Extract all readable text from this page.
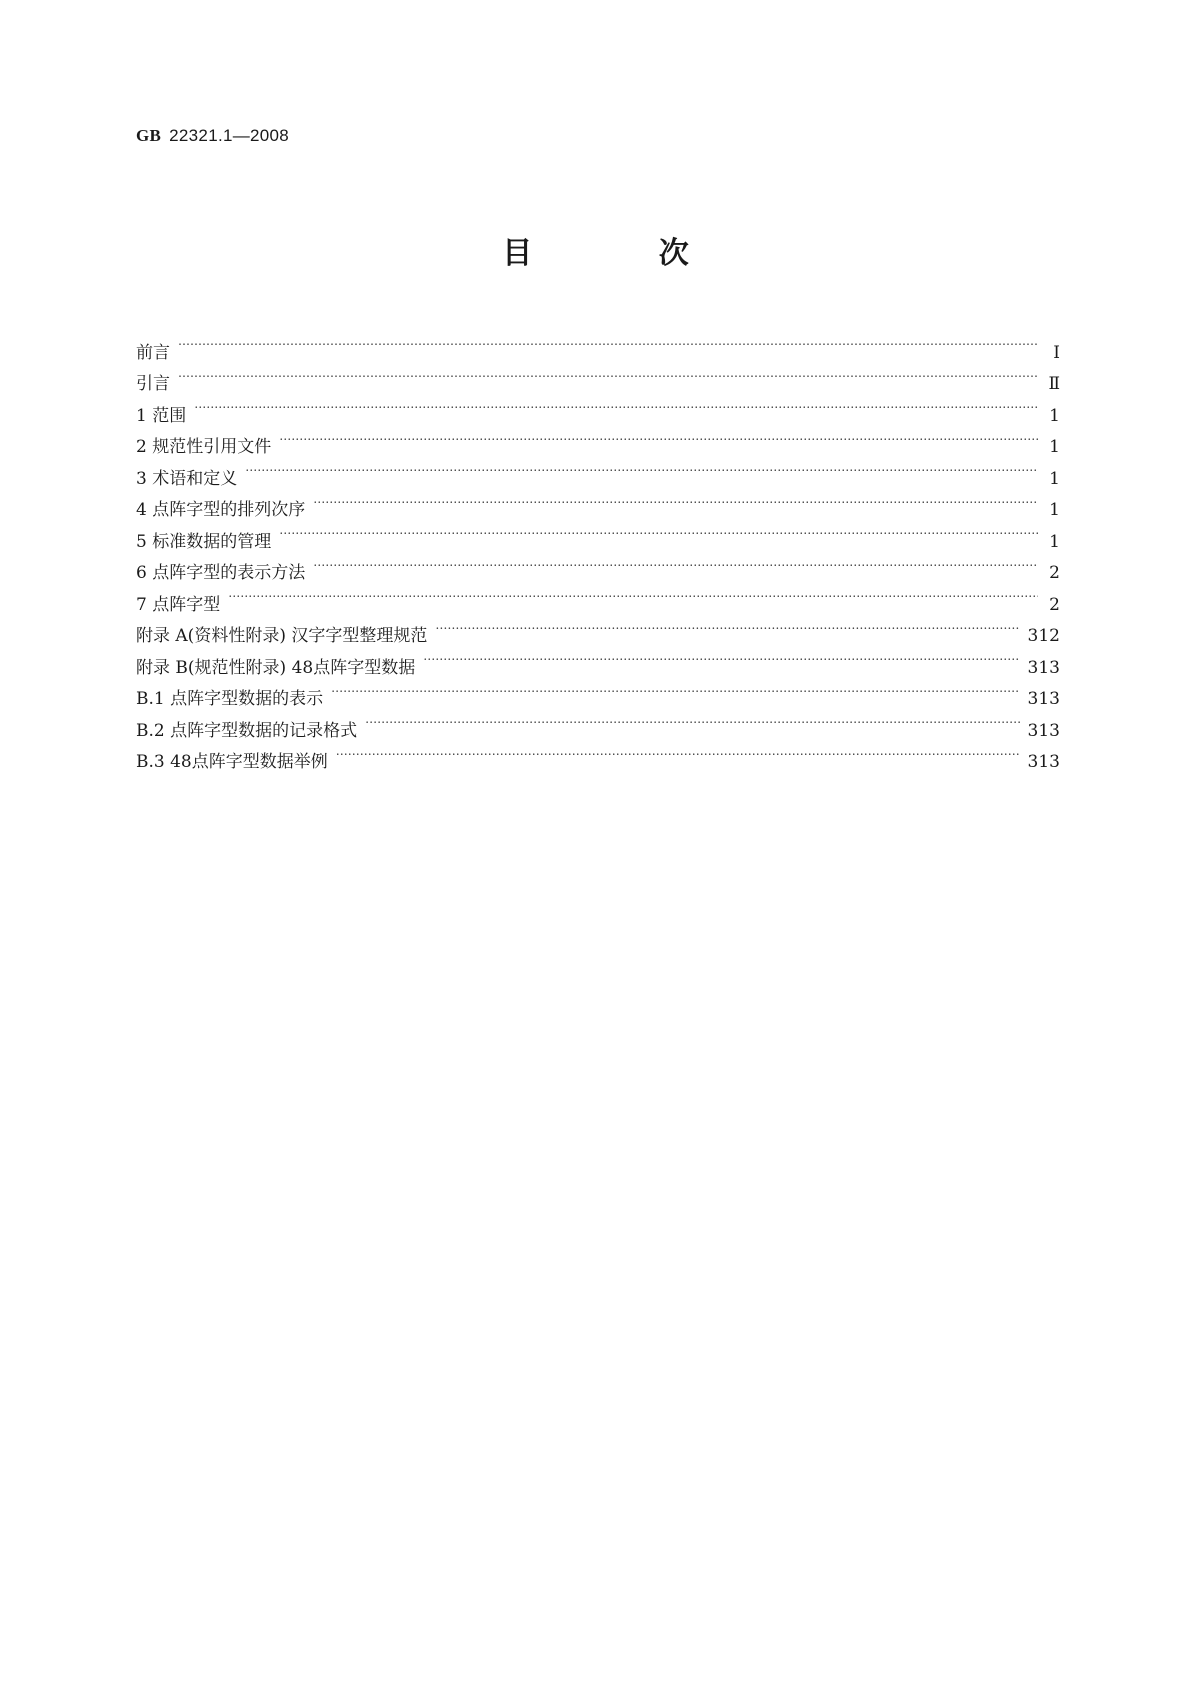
GB 22321.1—2008
目 次
前言 ……………………………………………………………………………………………………………………………………………………………………………………………………………………………………………	Ⅰ
引言 ……………………………………………………………………………………………………………………………………………………………………………………………………………………………………………	Ⅱ
1 范围 ……………………………………………………………………………………………………………………………………………………………………………………………………………………………………………	1
2 规范性引用文件 ……………………………………………………………………………………………………………………………………………………………………………………………………………………………………………	1
3 术语和定义 ……………………………………………………………………………………………………………………………………………………………………………………………………………………………………………	1
4 点阵字型的排列次序 ……………………………………………………………………………………………………………………………………………………………………………………………………………………………………………	1
5 标准数据的管理 ……………………………………………………………………………………………………………………………………………………………………………………………………………………………………………	1
6 点阵字型的表示方法 ……………………………………………………………………………………………………………………………………………………………………………………………………………………………………………	2
7 点阵字型 ……………………………………………………………………………………………………………………………………………………………………………………………………………………………………………	2
附录 A(资料性附录) 汉字字型整理规范 ……………………………………………………………………………………………………………………………………………………………………………………………………………………………………………	312
附录 B(规范性附录) 48点阵字型数据 ……………………………………………………………………………………………………………………………………………………………………………………………………………………………………………	313
B.1 点阵字型数据的表示 ……………………………………………………………………………………………………………………………………………………………………………………………………………………………………………	313
B.2 点阵字型数据的记录格式 ……………………………………………………………………………………………………………………………………………………………………………………………………………………………………………	313
B.3 48点阵字型数据举例 ……………………………………………………………………………………………………………………………………………………………………………………………………………………………………………	313
